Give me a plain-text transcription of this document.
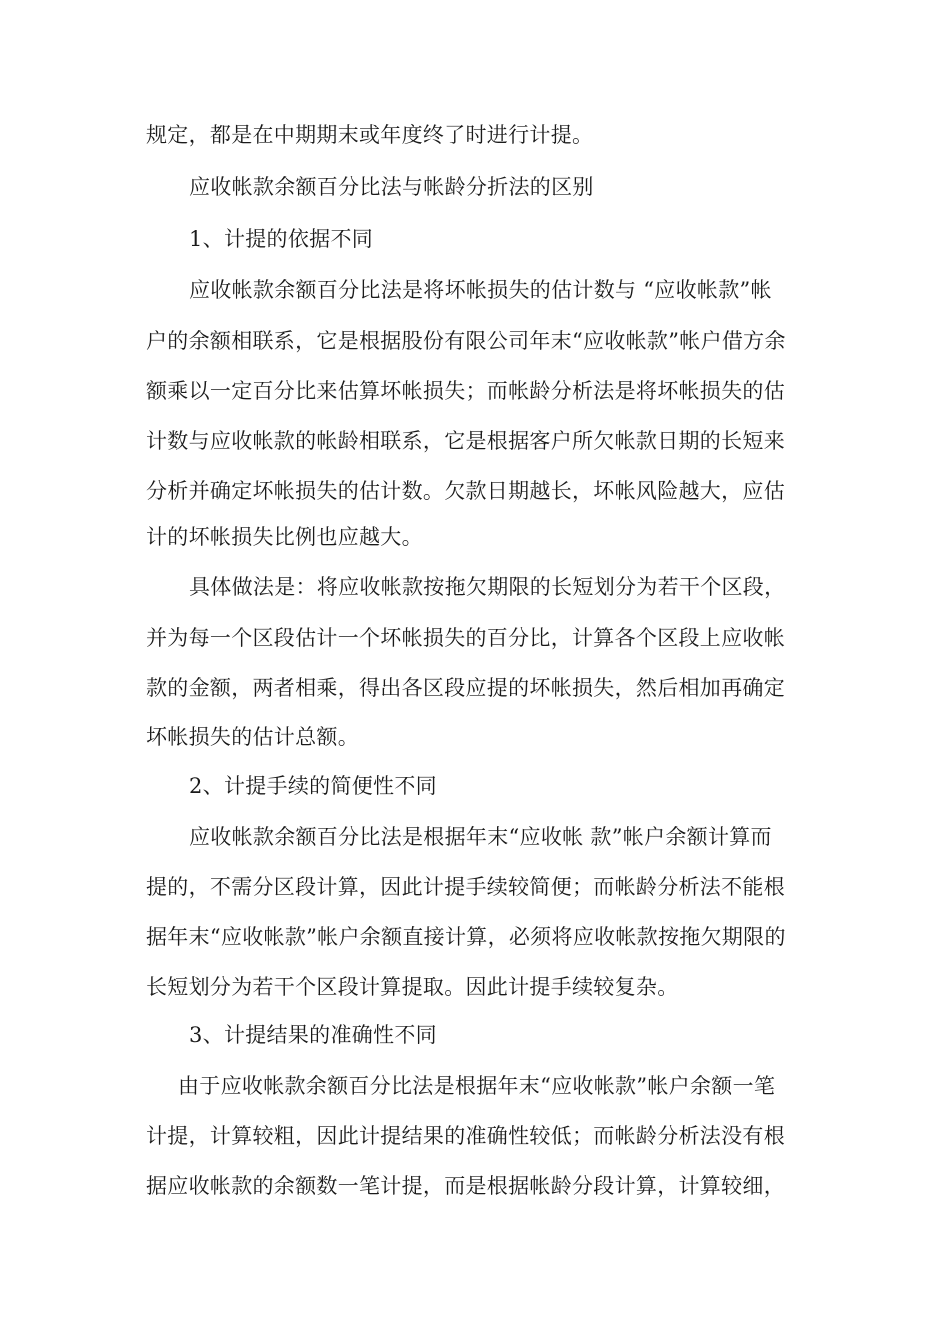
规定，都是在中期期末或年度终了时进行计提。
应收帐款余额百分比法与帐龄分折法的区别
1、计提的依据不同
应收帐款余额百分比法是将坏帐损失的估计数与 “应收帐款”帐
户的余额相联系，它是根据股份有限公司年末“应收帐款”帐户借方余
额乘以一定百分比来估算坏帐损失；而帐龄分析法是将坏帐损失的估
计数与应收帐款的帐龄相联系，它是根据客户所欠帐款日期的长短来
分析并确定坏帐损失的估计数。欠款日期越长，坏帐风险越大，应估
计的坏帐损失比例也应越大。
具体做法是：将应收帐款按拖欠期限的长短划分为若干个区段，
并为每一个区段估计一个坏帐损失的百分比，计算各个区段上应收帐
款的金额，两者相乘，得出各区段应提的坏帐损失，然后相加再确定
坏帐损失的估计总额。
2、计提手续的简便性不同
应收帐款余额百分比法是根据年末“应收帐 款”帐户余额计算而
提的，不需分区段计算，因此计提手续较简便；而帐龄分析法不能根
据年末“应收帐款”帐户余额直接计算，必须将应收帐款按拖欠期限的
长短划分为若干个区段计算提取。因此计提手续较复杂。
3、计提结果的准确性不同
由于应收帐款余额百分比法是根据年末“应收帐款”帐户余额一笔
计提，计算较粗，因此计提结果的准确性较低；而帐龄分析法没有根
据应收帐款的余额数一笔计提，而是根据帐龄分段计算，计算较细，
